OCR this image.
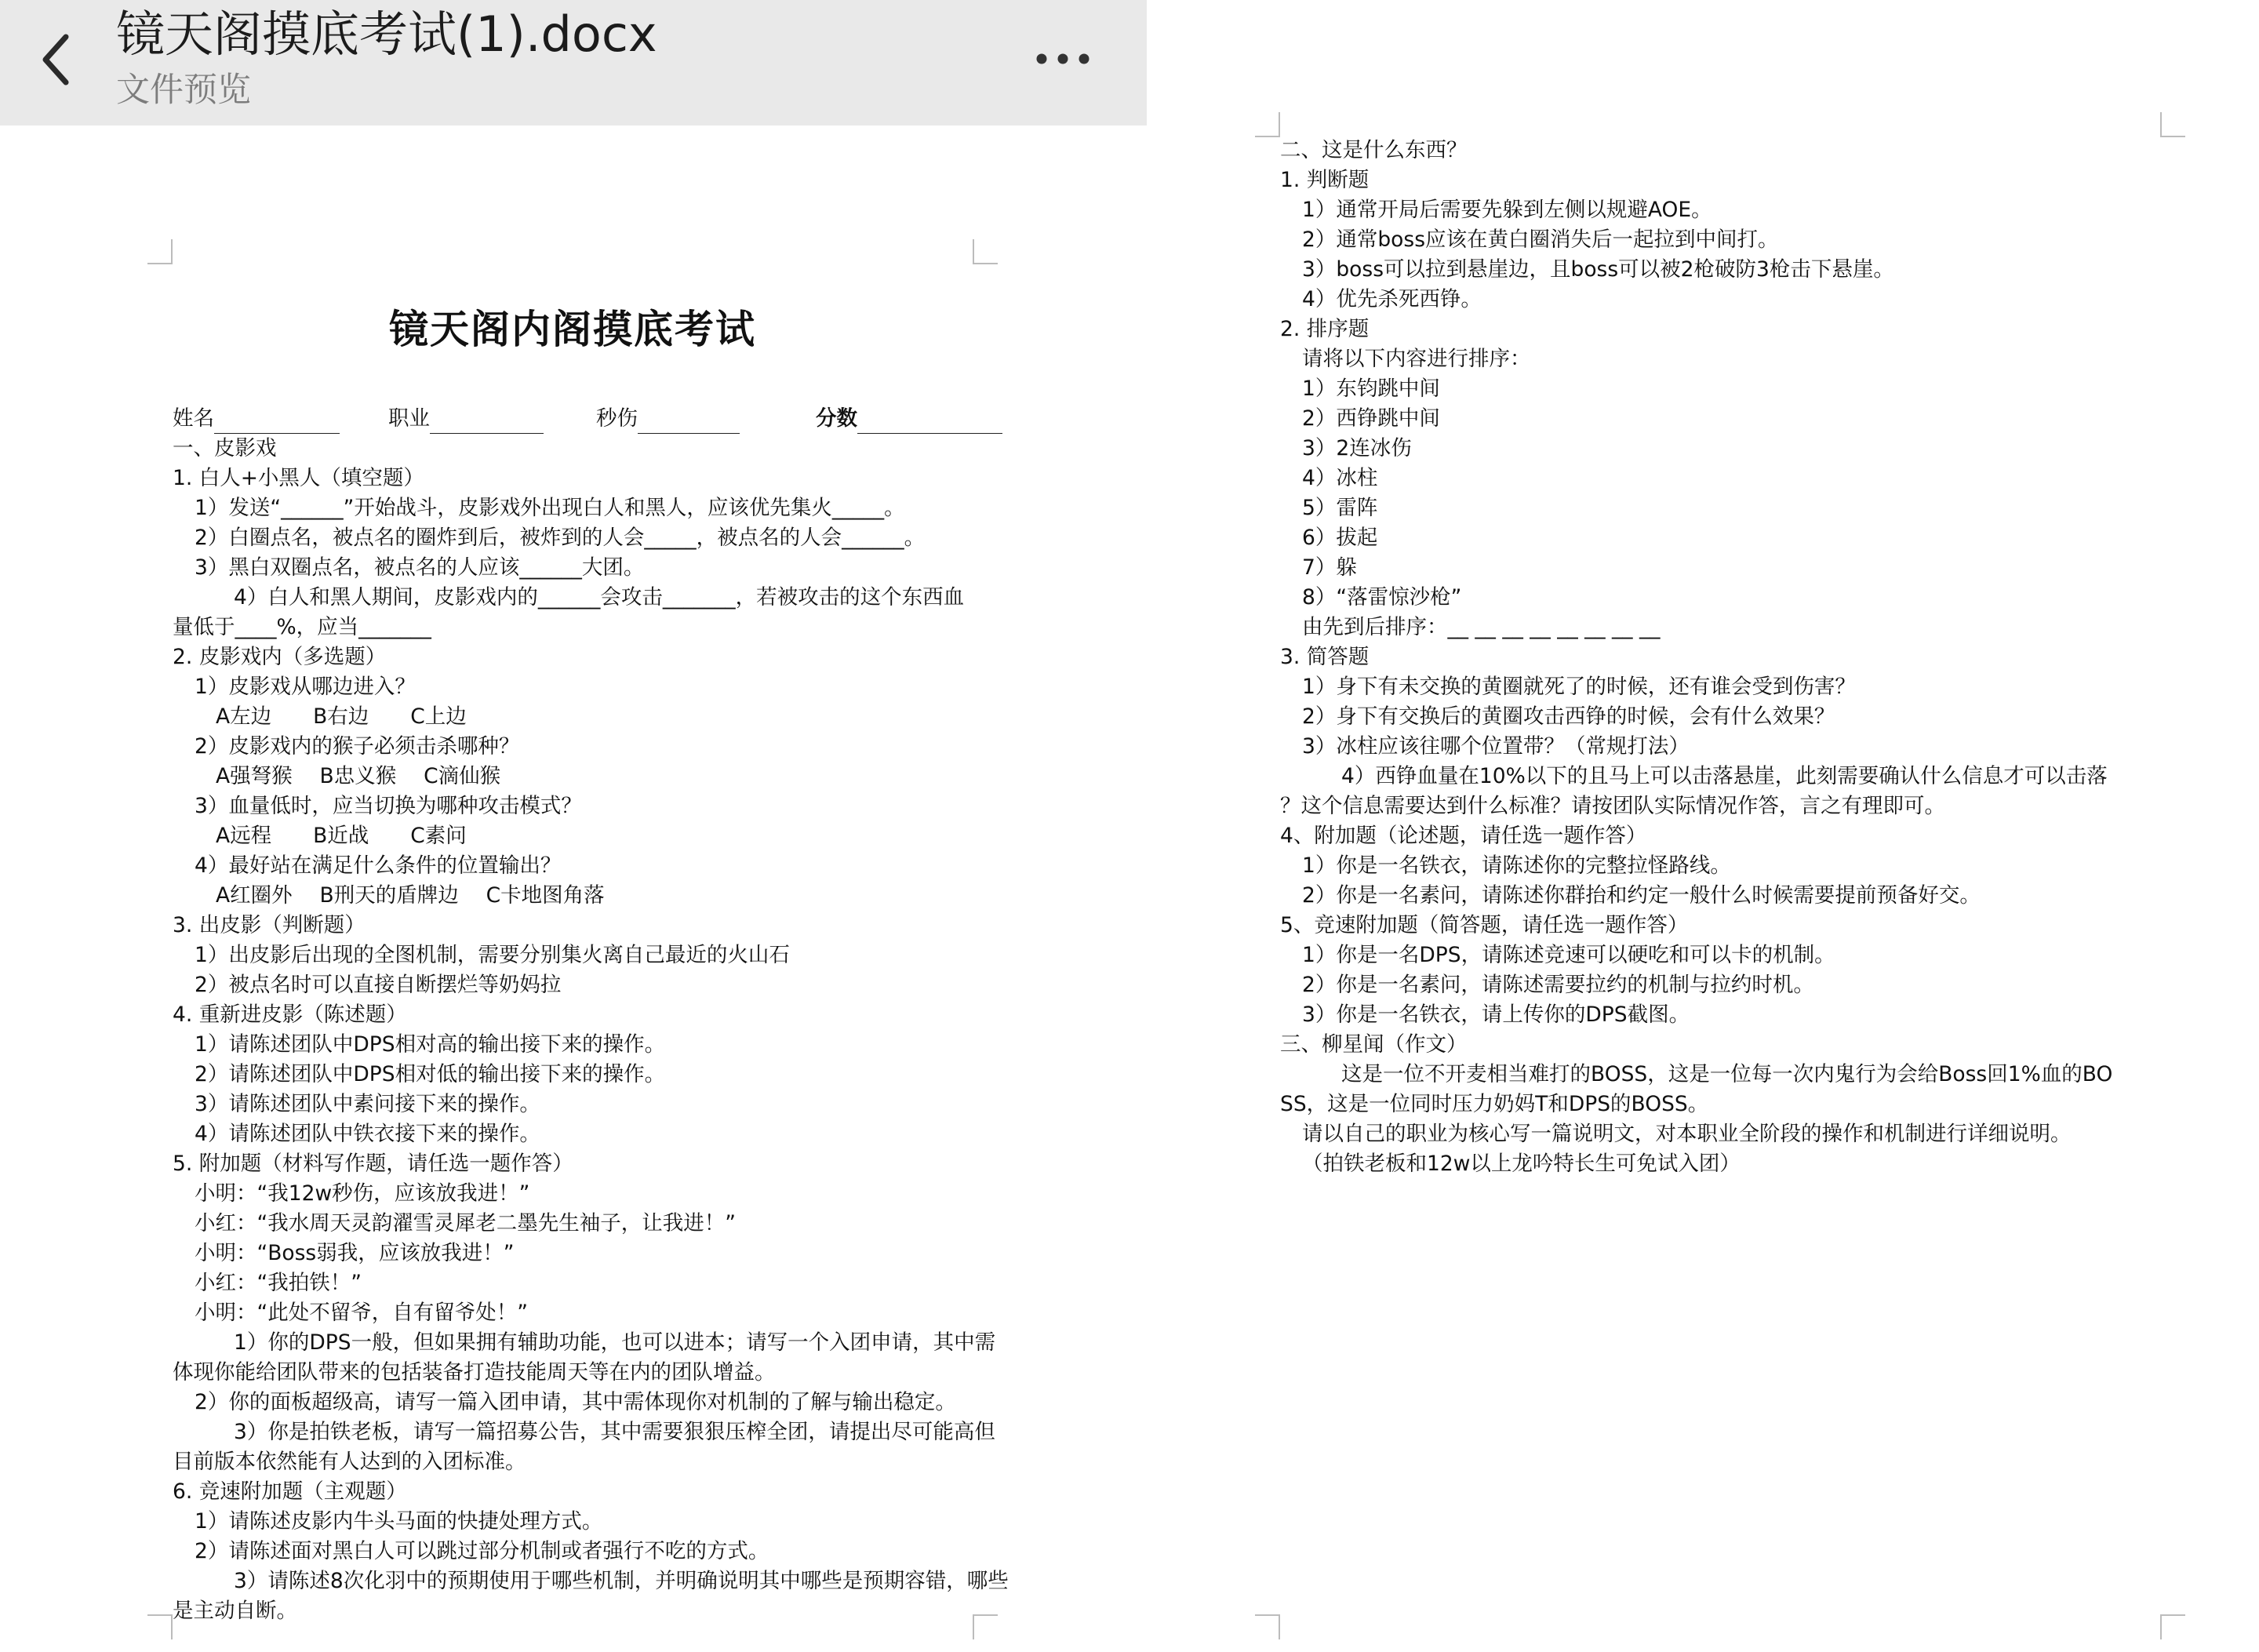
镜天阁摸底考试(1).docx
文件预览
镜天阁内阁摸底考试
姓名	职业	秒伤	分数
一、皮影戏
1. 白人+小黑人（填空题）
1）发送“______”开始战斗，皮影戏外出现白人和黑人，应该优先集火_____。
2）白圈点名，被点名的圈炸到后，被炸到的人会_____，被点名的人会______。
3）黑白双圈点名，被点名的人应该______大团。
4）白人和黑人期间，皮影戏内的______会攻击_______，若被攻击的这个东西血
量低于____%，应当_______
2. 皮影戏内（多选题）
1）皮影戏从哪边进入？
A左边　　B右边　　C上边
2）皮影戏内的猴子必须击杀哪种？
A强弩猴　 B忠义猴　 C滴仙猴
3）血量低时，应当切换为哪种攻击模式？
A远程　　B近战　　C素问
4）最好站在满足什么条件的位置输出？
A红圈外　 B刑天的盾牌边　 C卡地图角落
3. 出皮影（判断题）
1）出皮影后出现的全图机制，需要分别集火离自己最近的火山石
2）被点名时可以直接自断摆烂等奶妈拉
4. 重新进皮影（陈述题）
1）请陈述团队中DPS相对高的输出接下来的操作。
2）请陈述团队中DPS相对低的输出接下来的操作。
3）请陈述团队中素问接下来的操作。
4）请陈述团队中铁衣接下来的操作。
5. 附加题（材料写作题，请任选一题作答）
小明：“我12w秒伤，应该放我进！”
小红：“我水周天灵韵濯雪灵犀老二墨先生袖子，让我进！”
小明：“Boss弱我，应该放我进！”
小红：“我拍铁！”
小明：“此处不留爷，自有留爷处！”
1）你的DPS一般，但如果拥有辅助功能，也可以进本；请写一个入团申请，其中需
体现你能给团队带来的包括装备打造技能周天等在内的团队增益。
2）你的面板超级高，请写一篇入团申请，其中需体现你对机制的了解与输出稳定。
3）你是拍铁老板，请写一篇招募公告，其中需要狠狠压榨全团，请提出尽可能高但
目前版本依然能有人达到的入团标准。
6. 竞速附加题（主观题）
1）请陈述皮影内牛头马面的快捷处理方式。
2）请陈述面对黑白人可以跳过部分机制或者强行不吃的方式。
3）请陈述8次化羽中的预期使用于哪些机制，并明确说明其中哪些是预期容错，哪些
是主动自断。
二、这是什么东西？
1. 判断题
1）通常开局后需要先躲到左侧以规避AOE。
2）通常boss应该在黄白圈消失后一起拉到中间打。
3）boss可以拉到悬崖边，且boss可以被2枪破防3枪击下悬崖。
4）优先杀死西铮。
2. 排序题
请将以下内容进行排序：
1）东钧跳中间
2）西铮跳中间
3）2连冰伤
4）冰柱
5）雷阵
6）拔起
7）躲
8）“落雷惊沙枪”
由先到后排序：__ __ __ __ __ __ __ __
3. 简答题
1）身下有未交换的黄圈就死了的时候，还有谁会受到伤害？
2）身下有交换后的黄圈攻击西铮的时候，会有什么效果？
3）冰柱应该往哪个位置带？（常规打法）
4）西铮血量在10%以下的且马上可以击落悬崖，此刻需要确认什么信息才可以击落
？这个信息需要达到什么标准？请按团队实际情况作答，言之有理即可。
4、附加题（论述题，请任选一题作答）
1）你是一名铁衣，请陈述你的完整拉怪路线。
2）你是一名素问，请陈述你群抬和约定一般什么时候需要提前预备好交。
5、竞速附加题（简答题，请任选一题作答）
1）你是一名DPS，请陈述竞速可以硬吃和可以卡的机制。
2）你是一名素问，请陈述需要拉约的机制与拉约时机。
3）你是一名铁衣，请上传你的DPS截图。
三、柳星闻（作文）
这是一位不开麦相当难打的BOSS，这是一位每一次内鬼行为会给Boss回1%血的BO
SS，这是一位同时压力奶妈T和DPS的BOSS。
请以自己的职业为核心写一篇说明文，对本职业全阶段的操作和机制进行详细说明。
（拍铁老板和12w以上龙吟特长生可免试入团）
